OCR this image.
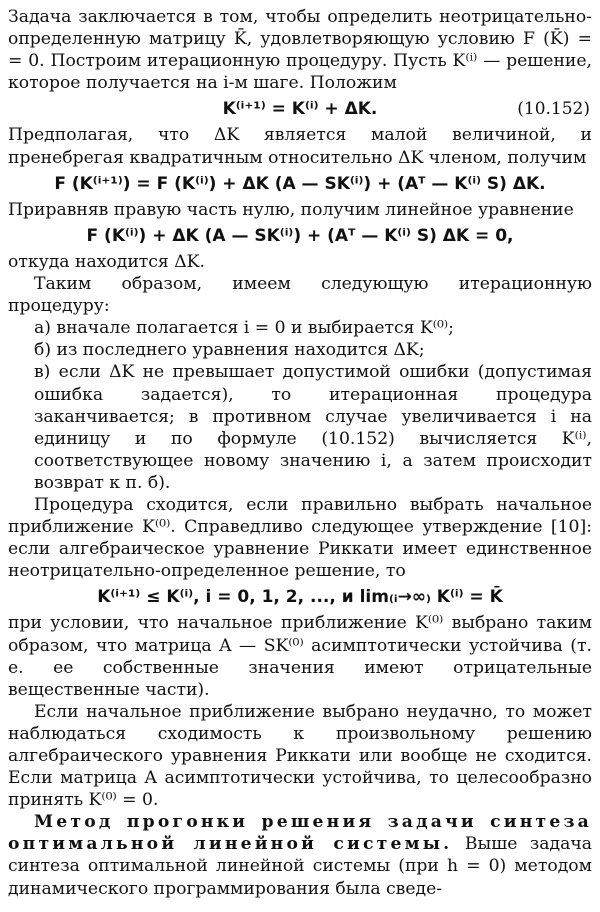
Задача заключается в том, чтобы определить неотрицательно-определенную матрицу K̄, удовлетворяющую условию F (K̄) = = 0. Построим итерационную процедуру. Пусть K⁽ⁱ⁾ — решение, которое получается на i-м шаге. Положим

K⁽ⁱ⁺¹⁾ = K⁽ⁱ⁾ + ΔK.	(10.152)

Предполагая, что ΔK является малой величиной, и пренебрегая квадратичным относительно ΔK членом, получим

F (K⁽ⁱ⁺¹⁾) = F (K⁽ⁱ⁾) + ΔK (A — SK⁽ⁱ⁾) + (Aᵀ — K⁽ⁱ⁾ S) ΔK.

Приравняв правую часть нулю, получим линейное уравнение

F (K⁽ⁱ⁾) + ΔK (A — SK⁽ⁱ⁾) + (Aᵀ — K⁽ⁱ⁾ S) ΔK = 0,

откуда находится ΔK.

Таким образом, имеем следующую итерационную процедуру:

а) вначале полагается i = 0 и выбирается K⁽⁰⁾;

б) из последнего уравнения находится ΔK;

в) если ΔK не превышает допустимой ошибки (допустимая ошибка задается), то итерационная процедура заканчивается; в противном случае увеличивается i на единицу и по формуле (10.152) вычисляется K⁽ⁱ⁾, соответствующее новому значению i, а затем происходит возврат к п. б).

Процедура сходится, если правильно выбрать начальное приближение K⁽⁰⁾. Справедливо следующее утверждение [10]: если алгебраическое уравнение Риккати имеет единственное неотрицательно-определенное решение, то

K⁽ⁱ⁺¹⁾ ≤ K⁽ⁱ⁾, i = 0, 1, 2, ..., и lim₍ᵢ→∞₎ K⁽ⁱ⁾ = K̄

при условии, что начальное приближение K⁽⁰⁾ выбрано таким образом, что матрица A — SK⁽⁰⁾ асимптотически устойчива (т. е. ее собственные значения имеют отрицательные вещественные части).

Если начальное приближение выбрано неудачно, то может наблюдаться сходимость к произвольному решению алгебраического уравнения Риккати или вообще не сходится. Если матрица A асимптотически устойчива, то целесообразно принять K⁽⁰⁾ = 0.

Метод прогонки решения задачи синтеза оптимальной линейной системы. Выше задача синтеза оптимальной линейной системы (при h = 0) методом динамического программирования была сведе-
